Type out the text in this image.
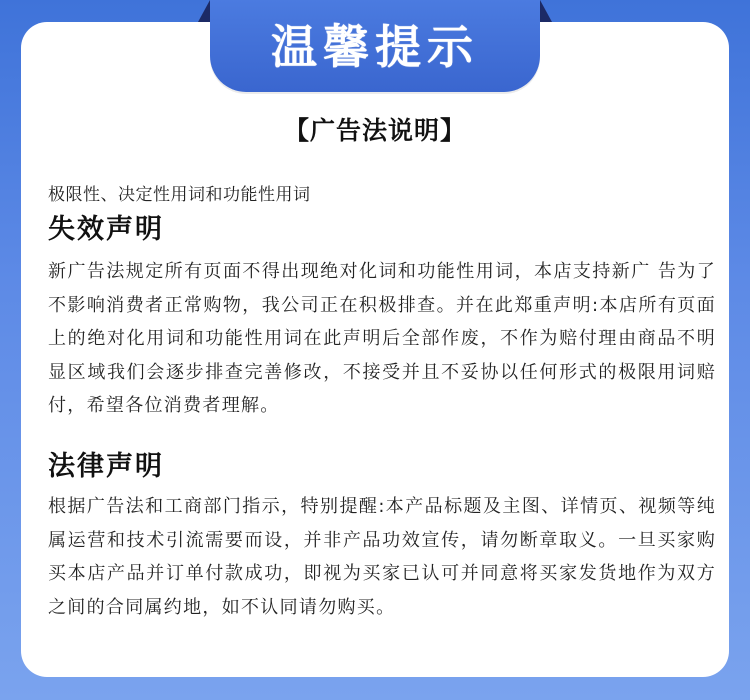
温馨提示
【广告法说明】
极限性、决定性用词和功能性用词
失效声明
新广告法规定所有页面不得出现绝对化词和功能性用词，本店支持新广 告为了不影响消费者正常购物，我公司正在积极排查。并在此郑重声明:本店所有页面上的绝对化用词和功能性用词在此声明后全部作废，不作为赔付理由商品不明显区域我们会逐步排查完善修改，不接受并且不妥协以任何形式的极限用词赔付，希望各位消费者理解。
法律声明
根据广告法和工商部门指示，特别提醒:本产品标题及主图、详情页、视频等纯属运营和技术引流需要而设，并非产品功效宣传，请勿断章取义。一旦买家购买本店产品并订单付款成功，即视为买家已认可并同意将买家发货地作为双方之间的合同属约地，如不认同请勿购买。
